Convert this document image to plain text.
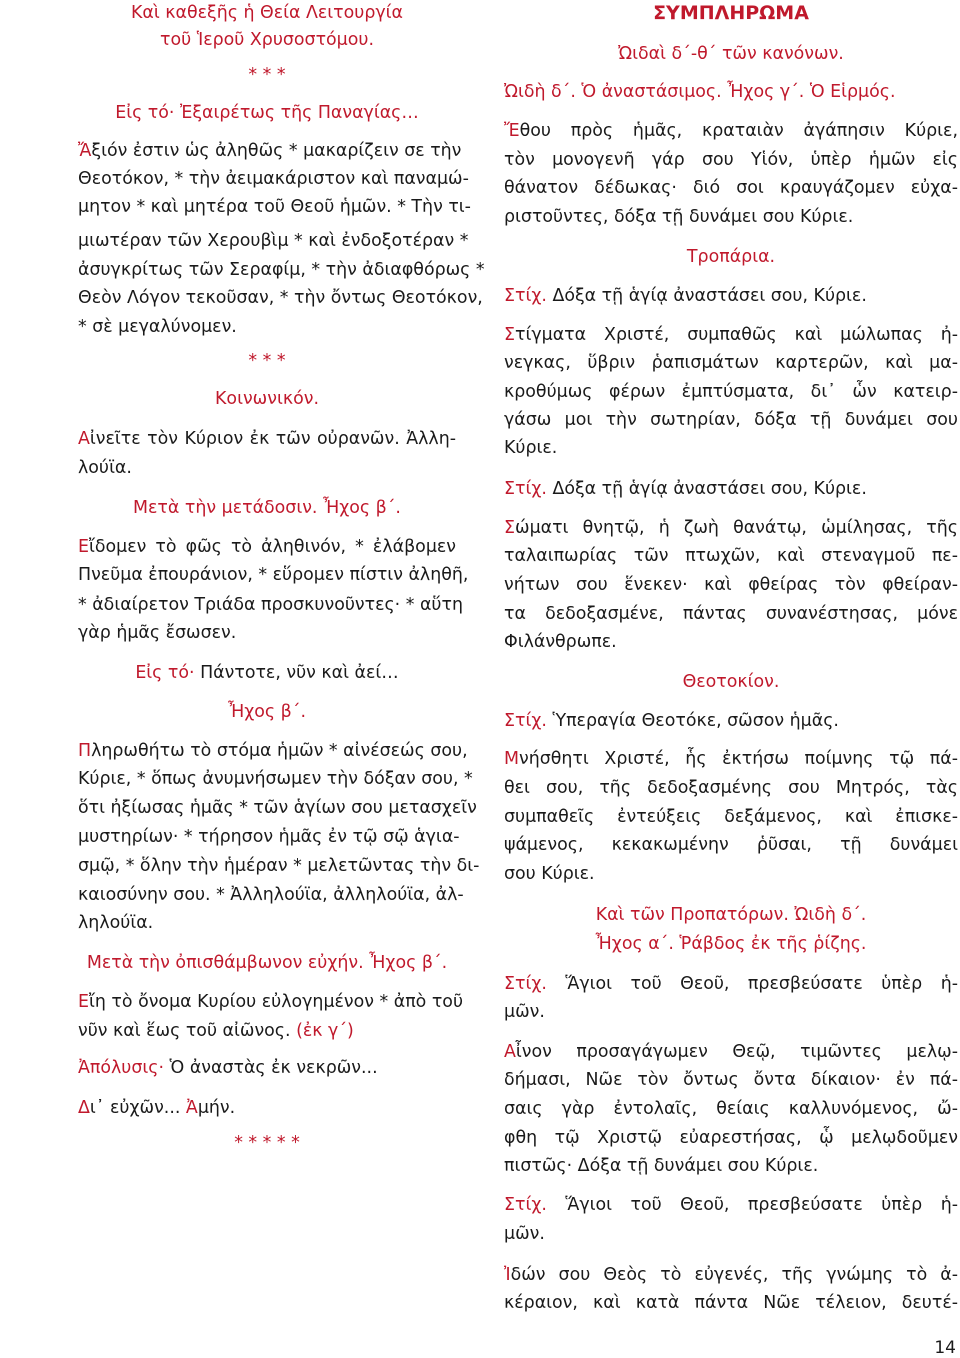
Καὶ καθεξῆς ἡ Θεία Λειτουργία
τοῦ Ἱεροῦ Χρυσοστόμου.
* * *
Εἰς τό· Ἐξαιρέτως τῆς Παναγίας…
Ἄξιόν ἐστιν ὡς ἀληθῶς * μακαρίζειν σε τὴν
Θεοτόκον, * τὴν ἀειμακάριστον καὶ παναμώ-
μητον * καὶ μητέρα τοῦ Θεοῦ ἡμῶν. * Τὴν τι-
μιωτέραν τῶν Χερουβὶμ * καὶ ἐνδοξοτέραν *
ἀσυγκρίτως τῶν Σεραφίμ, * τὴν ἀδιαφθόρως *
Θεὸν Λόγον τεκοῦσαν, * τὴν ὄντως Θεοτόκον,
* σὲ μεγαλύνομεν.
* * *
Κοινωνικόν.
Αἰνεῖτε τὸν Κύριον ἐκ τῶν οὐρανῶν. Ἀλλη-
λούϊα.
Μετὰ τὴν μετάδοσιν. Ἦχος β΄.
Εἴδομεν τὸ φῶς τὸ ἀληθινόν, * ἐλάβομεν
Πνεῦμα ἐπουράνιον, * εὕρομεν πίστιν ἀληθῆ,
* ἀδιαίρετον Τριάδα προσκυνοῦντες· * αὕτη
γὰρ ἡμᾶς ἔσωσεν.
Εἰς τό· Πάντοτε, νῦν καὶ ἀεί…
Ἦχος β΄.
Πληρωθήτω τὸ στόμα ἡμῶν * αἰνέσεώς σου,
Κύριε, * ὅπως ἀνυμνήσωμεν τὴν δόξαν σου, *
ὅτι ἠξίωσας ἡμᾶς * τῶν ἁγίων σου μετασχεῖν
μυστηρίων· * τήρησον ἡμᾶς ἐν τῷ σῷ ἁγια-
σμῷ, * ὅλην τὴν ἡμέραν * μελετῶντας τὴν δι-
καιοσύνην σου. * Ἀλληλούϊα, ἀλληλούϊα, ἀλ-
ληλούϊα.
Μετὰ τὴν ὀπισθάμβωνον εὐχήν. Ἦχος β΄.
Εἴη τὸ ὄνομα Κυρίου εὐλογημένον * ἀπὸ τοῦ
νῦν καὶ ἕως τοῦ αἰῶνος. (ἐκ γ΄)
Ἀπόλυσις· Ὁ ἀναστὰς ἐκ νεκρῶν...
Δι᾽ εὐχῶν... Ἀμήν.
* * * * *
ΣΥΜΠΛΗΡΩΜΑ
Ὠιδαὶ δ΄-θ΄ τῶν κανόνων.
Ὠιδὴ δ΄. Ὁ ἀναστάσιμος. Ἦχος γ΄. Ὁ Εἱρμός.
Ἔθου πρὸς ἡμᾶς, κραταιὰν ἀγάπησιν Κύριε,
τὸν μονογενῆ γάρ σου Υἱόν, ὑπὲρ ἡμῶν εἰς
θάνατον δέδωκας· διό σοι κραυγάζομεν εὐχα-
ριστοῦντες, δόξα τῇ δυνάμει σου Κύριε.
Τροπάρια.
Στίχ. Δόξα τῇ ἁγίᾳ ἀναστάσει σου, Κύριε.
Στίγματα Χριστέ, συμπαθῶς καὶ μώλωπας ἠ-
νεγκας, ὕβριν ῥαπισμάτων καρτερῶν, καὶ μα-
κροθύμως φέρων ἐμπτύσματα, δι᾽ ὧν κατειρ-
γάσω μοι τὴν σωτηρίαν, δόξα τῇ δυνάμει σου
Κύριε.
Στίχ. Δόξα τῇ ἁγίᾳ ἀναστάσει σου, Κύριε.
Σώματι θνητῷ, ἡ ζωὴ θανάτῳ, ὡμίλησας, τῆς
ταλαιπωρίας τῶν πτωχῶν, καὶ στεναγμοῦ πε-
νήτων σου ἕνεκεν· καὶ φθείρας τὸν φθείραν-
τα δεδοξασμένε, πάντας συνανέστησας, μόνε
Φιλάνθρωπε.
Θεοτοκίον.
Στίχ. Ὑπεραγία Θεοτόκε, σῶσον ἡμᾶς.
Μνήσθητι Χριστέ, ἧς ἐκτήσω ποίμνης τῷ πά-
θει σου, τῆς δεδοξασμένης σου Μητρός, τὰς
συμπαθεῖς ἐντεύξεις δεξάμενος, καὶ ἐπισκε-
ψάμενος, κεκακωμένην ῥῦσαι, τῇ δυνάμει
σου Κύριε.
Καὶ τῶν Προπατόρων. Ὠιδὴ δ΄.
Ἦχος α΄. Ῥάβδος ἐκ τῆς ῥίζης.
Στίχ. Ἅγιοι τοῦ Θεοῦ, πρεσβεύσατε ὑπὲρ ἡ-
μῶν.
Αἶνον προσαγάγωμεν Θεῷ, τιμῶντες μελῳ-
δήμασι, Νῶε τὸν ὄντως ὄντα δίκαιον· ἐν πά-
σαις γὰρ ἐντολαῖς, θείαις καλλυνόμενος, ὤ-
φθη τῷ Χριστῷ εὐαρεστήσας, ᾧ μελῳδοῦμεν
πιστῶς· Δόξα τῇ δυνάμει σου Κύριε.
Στίχ. Ἅγιοι τοῦ Θεοῦ, πρεσβεύσατε ὑπὲρ ἡ-
μῶν.
Ἰδών σου Θεὸς τὸ εὐγενές, τῆς γνώμης τὸ ἀ-
κέραιον, καὶ κατὰ πάντα Νῶε τέλειον, δευτέ-
14
